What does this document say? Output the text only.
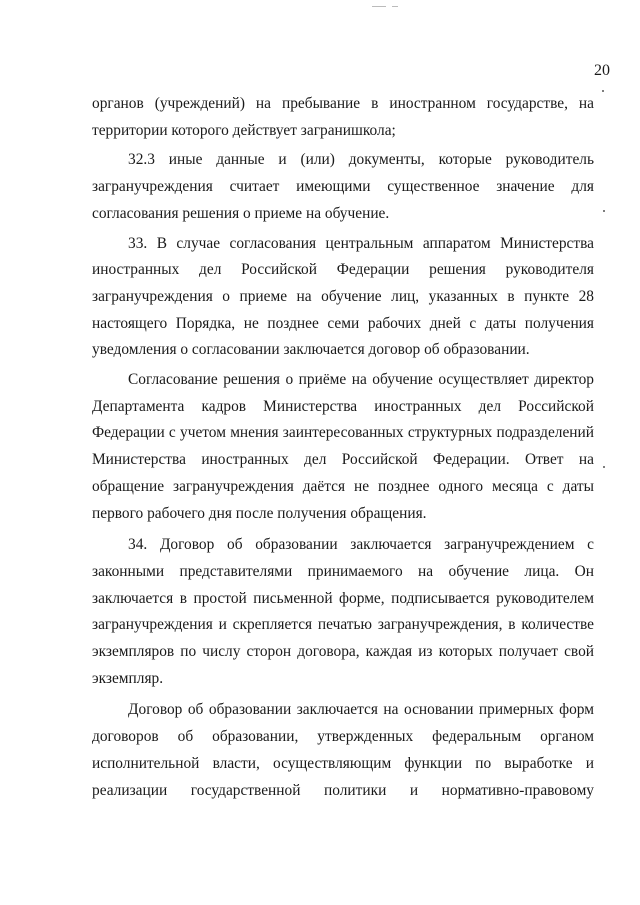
20

органов (учреждений) на пребывание в иностранном государстве, на территории которого действует загранишкола;

32.3 иные данные и (или) документы, которые руководитель загранучреждения считает имеющими существенное значение для согласования решения о приеме на обучение.

33. В случае согласования центральным аппаратом Министерства иностранных дел Российской Федерации решения руководителя загранучреждения о приеме на обучение лиц, указанных в пункте 28 настоящего Порядка, не позднее семи рабочих дней с даты получения уведомления о согласовании заключается договор об образовании.

Согласование решения о приёме на обучение осуществляет директор Департамента кадров Министерства иностранных дел Российской Федерации с учетом мнения заинтересованных структурных подразделений Министерства иностранных дел Российской Федерации. Ответ на обращение загранучреждения даётся не позднее одного месяца с даты первого рабочего дня после получения обращения.

34. Договор об образовании заключается загранучреждением с законными представителями принимаемого на обучение лица. Он заключается в простой письменной форме, подписывается руководителем загранучреждения и скрепляется печатью загранучреждения, в количестве экземпляров по числу сторон договора, каждая из которых получает свой экземпляр.

Договор об образовании заключается на основании примерных форм договоров об образовании, утвержденных федеральным органом исполнительной власти, осуществляющим функции по выработке и реализации государственной политики и нормативно-правовому
